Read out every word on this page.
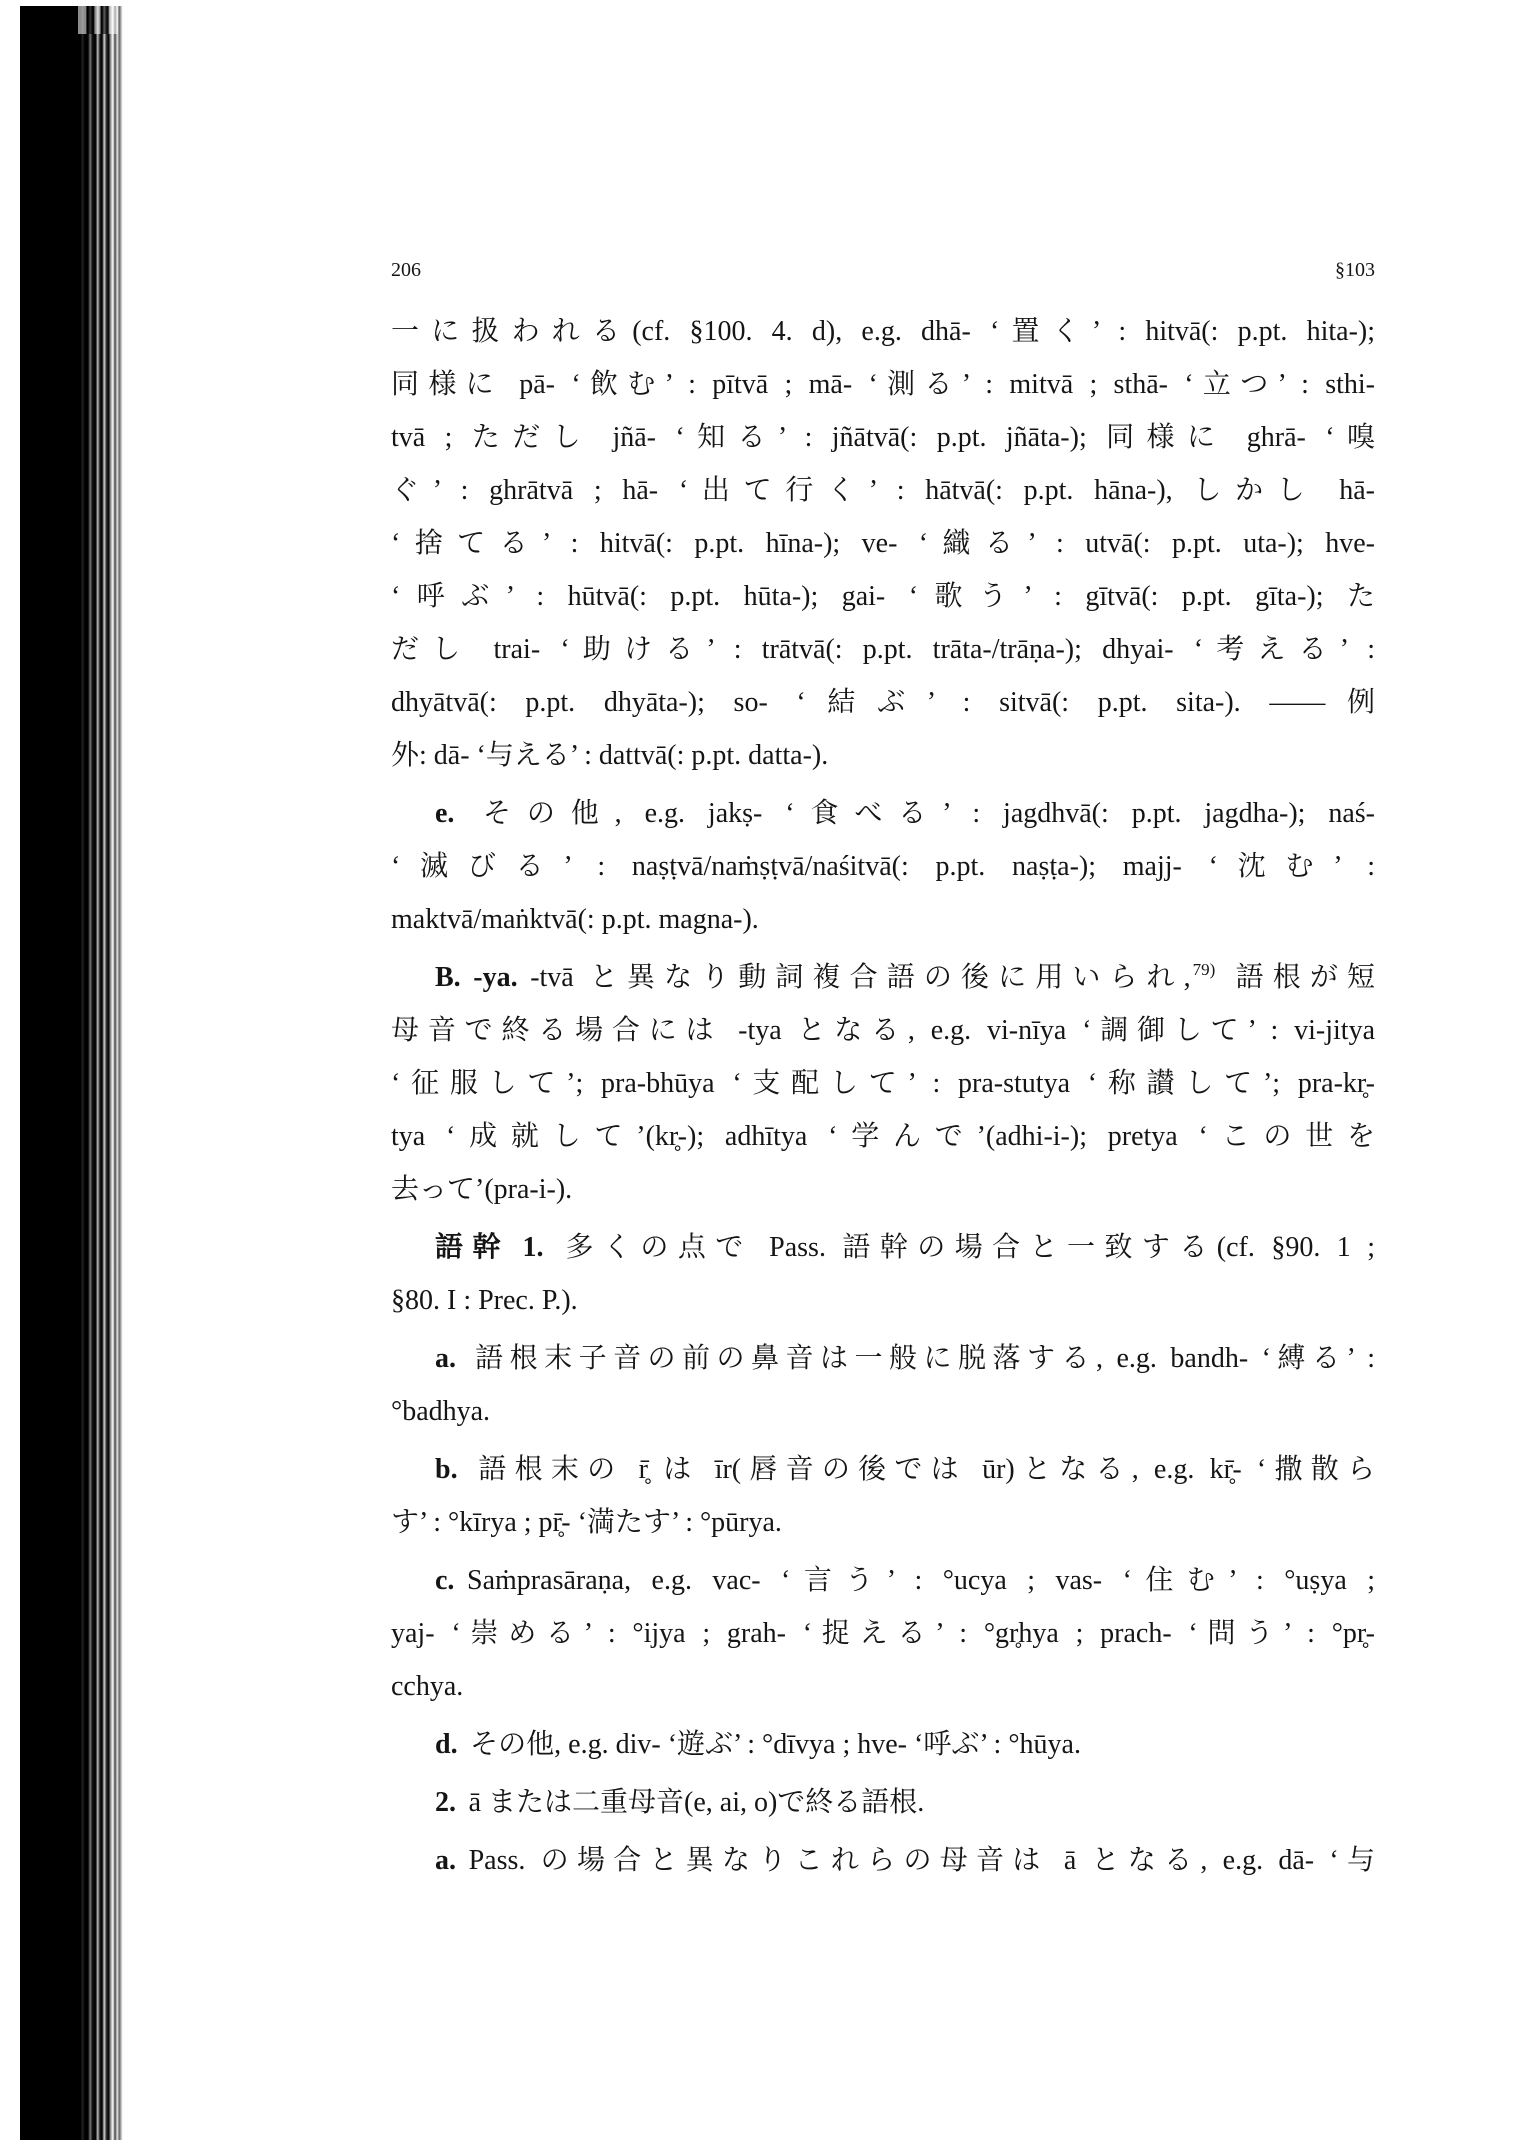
206	§103
一に扱われる(cf. §100. 4. d), e.g. dhā- ‘置く’ : hitvā(: p.pt. hita-);
同様に pā- ‘飲む’ : pītvā ; mā- ‘測る’ : mitvā ; sthā- ‘立つ’ : sthi-
tvā ; ただし jñā- ‘知る’ : jñātvā(: p.pt. jñāta-); 同様に ghrā- ‘嗅
ぐ’ : ghrātvā ; hā- ‘出て行く’ : hātvā(: p.pt. hāna-), しかし hā-
‘捨てる’ : hitvā(: p.pt. hīna-); ve- ‘織る’ : utvā(: p.pt. uta-); hve-
‘呼ぶ’ : hūtvā(: p.pt. hūta-); gai- ‘歌う’ : gītvā(: p.pt. gīta-); た
だし trai- ‘助ける’ : trātvā(: p.pt. trāta-/trāṇa-); dhyai- ‘考える’ :
dhyātvā(: p.pt. dhyāta-); so- ‘結ぶ’ : sitvā(: p.pt. sita-). ——例
外: dā- ‘与える’ : dattvā(: p.pt. datta-).
e. その他, e.g. jakṣ- ‘食べる’ : jagdhvā(: p.pt. jagdha-); naś-
‘滅びる’ : naṣṭvā/naṁṣṭvā/naśitvā(: p.pt. naṣṭa-); majj- ‘沈む’ :
maktvā/maṅktvā(: p.pt. magna-).
B. -ya. -tvā と異なり動詞複合語の後に用いられ, $^{79)}$ 語根が短
母音で終る場合には -tya となる, e.g. vi-nīya ‘調御して’ : vi-jitya
‘征服して’; pra-bhūya ‘支配して’ : pra-stutya ‘称讃して’; pra-kr̥-
tya ‘成就して’(kr̥-); adhītya ‘学んで’(adhi-i-); pretya ‘この世を
去って’(pra-i-).
語幹 1. 多くの点で Pass. 語幹の場合と一致する(cf. §90. 1 ;
§80. I : Prec. P.).
a. 語根末子音の前の鼻音は一般に脱落する, e.g. bandh- ‘縛る’ :
°badhya.
b. 語根末の r̥̄ は īr(唇音の後では ūr)となる, e.g. kr̥̄- ‘撒散ら
す’ : °kīrya ; pr̥̄- ‘満たす’ : °pūrya.
c. Saṁprasāraṇa, e.g. vac- ‘言う’ : °ucya ; vas- ‘住む’ : °uṣya ;
yaj- ‘崇める’ : °ijya ; grah- ‘捉える’ : °gr̥hya ; prach- ‘問う’ : °pr̥-
cchya.
d. その他, e.g. div- ‘遊ぶ’ : °dīvya ; hve- ‘呼ぶ’ : °hūya.
2. ā または二重母音(e, ai, o)で終る語根.
a. Pass. の場合と異なりこれらの母音は ā となる, e.g. dā- ‘与
